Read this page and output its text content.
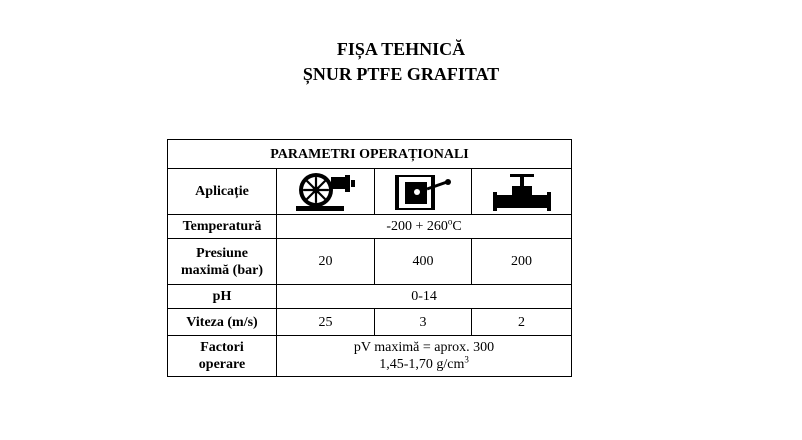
FIȘA TEHNICĂ
ȘNUR PTFE GRAFITAT
PARAMETRI OPERAȚIONALI			
Aplicație	

Temperatură	$-200 + 260^oC$		
Presiune
maximă (bar)	20	400	200
pH	0-14		
Viteza (m/s)	25	3	2
Factori
operare	pV maximă = aprox. 300
1,45-1,70 $g/cm^3$
